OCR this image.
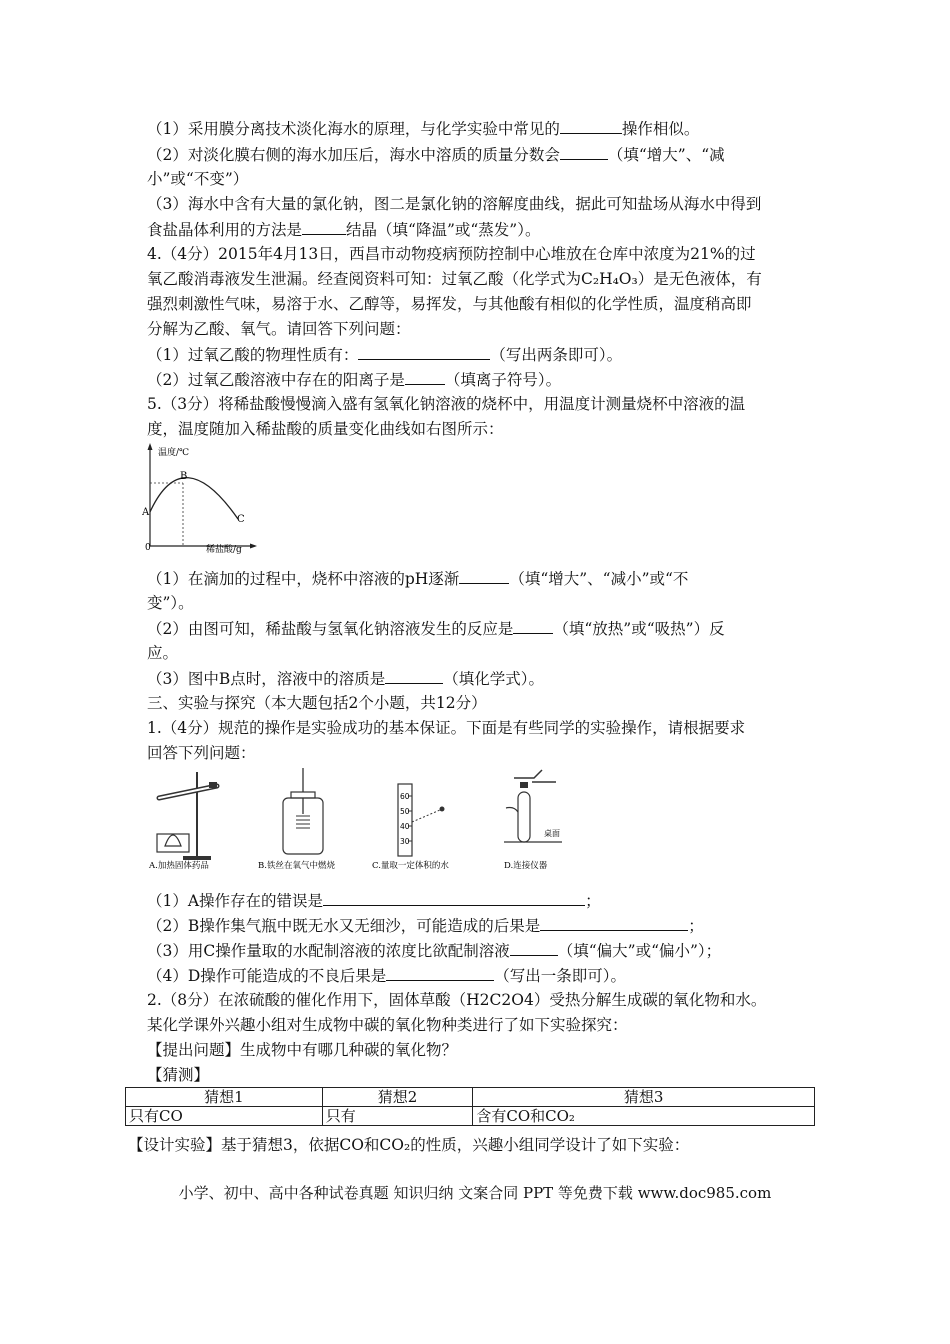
（1）采用膜分离技术淡化海水的原理，与化学实验中常见的	操作相似。
（2）对淡化膜右侧的海水加压后，海水中溶质的质量分数会	（填“增大”、“减
小”或“不变”）
（3）海水中含有大量的氯化钠，图二是氯化钠的溶解度曲线，据此可知盐场从海水中得到
食盐晶体利用的方法是	结晶（填“降温”或“蒸发”）。
4.（4分）2015年4月13日，西昌市动物疫病预防控制中心堆放在仓库中浓度为21%的过
氧乙酸消毒液发生泄漏。经查阅资料可知：过氧乙酸（化学式为C₂H₄O₃）是无色液体，有
强烈刺激性气味，易溶于水、乙醇等，易挥发，与其他酸有相似的化学性质，温度稍高即
分解为乙酸、氧气。请回答下列问题：
（1）过氧乙酸的物理性质有：	（写出两条即可）。
（2）过氧乙酸溶液中存在的阳离子是	（填离子符号）。
5.（3分）将稀盐酸慢慢滴入盛有氢氧化钠溶液的烧杯中，用温度计测量烧杯中溶液的温
度，温度随加入稀盐酸的质量变化曲线如右图所示：
温度/℃
B
A
C
0	稀盐酸/g
（1）在滴加的过程中，烧杯中溶液的pH逐渐	（填“增大”、“减小”或“不
变”）。
（2）由图可知，稀盐酸与氢氧化钠溶液发生的反应是	（填“放热”或“吸热”）反
应。
（3）图中B点时，溶液中的溶质是	（填化学式）。
三、实验与探究（本大题包括2个小题，共12分）
1.（4分）规范的操作是实验成功的基本保证。下面是有些同学的实验操作，请根据要求
回答下列问题：
A.加热固体药品	B.铁丝在氧气中燃烧
60
50
40
30
C.量取一定体积的水
桌面
D.连接仪器
（1）A操作存在的错误是	；
（2）B操作集气瓶中既无水又无细沙，可能造成的后果是	；
（3）用C操作量取的水配制溶液的浓度比欲配制溶液	（填“偏大”或“偏小”）；
（4）D操作可能造成的不良后果是	（写出一条即可）。
2.（8分）在浓硫酸的催化作用下，固体草酸（H2C2O4）受热分解生成碳的氧化物和水。
某化学课外兴趣小组对生成物中碳的氧化物种类进行了如下实验探究：
【提出问题】生成物中有哪几种碳的氧化物？
【猜测】
猜想1	猜想2	猜想3
只有CO	只有	含有CO和CO₂
【设计实验】基于猜想3，依据CO和CO₂的性质，兴趣小组同学设计了如下实验：
小学、初中、高中各种试卷真题 知识归纳 文案合同 PPT 等免费下载 www.doc985.com
